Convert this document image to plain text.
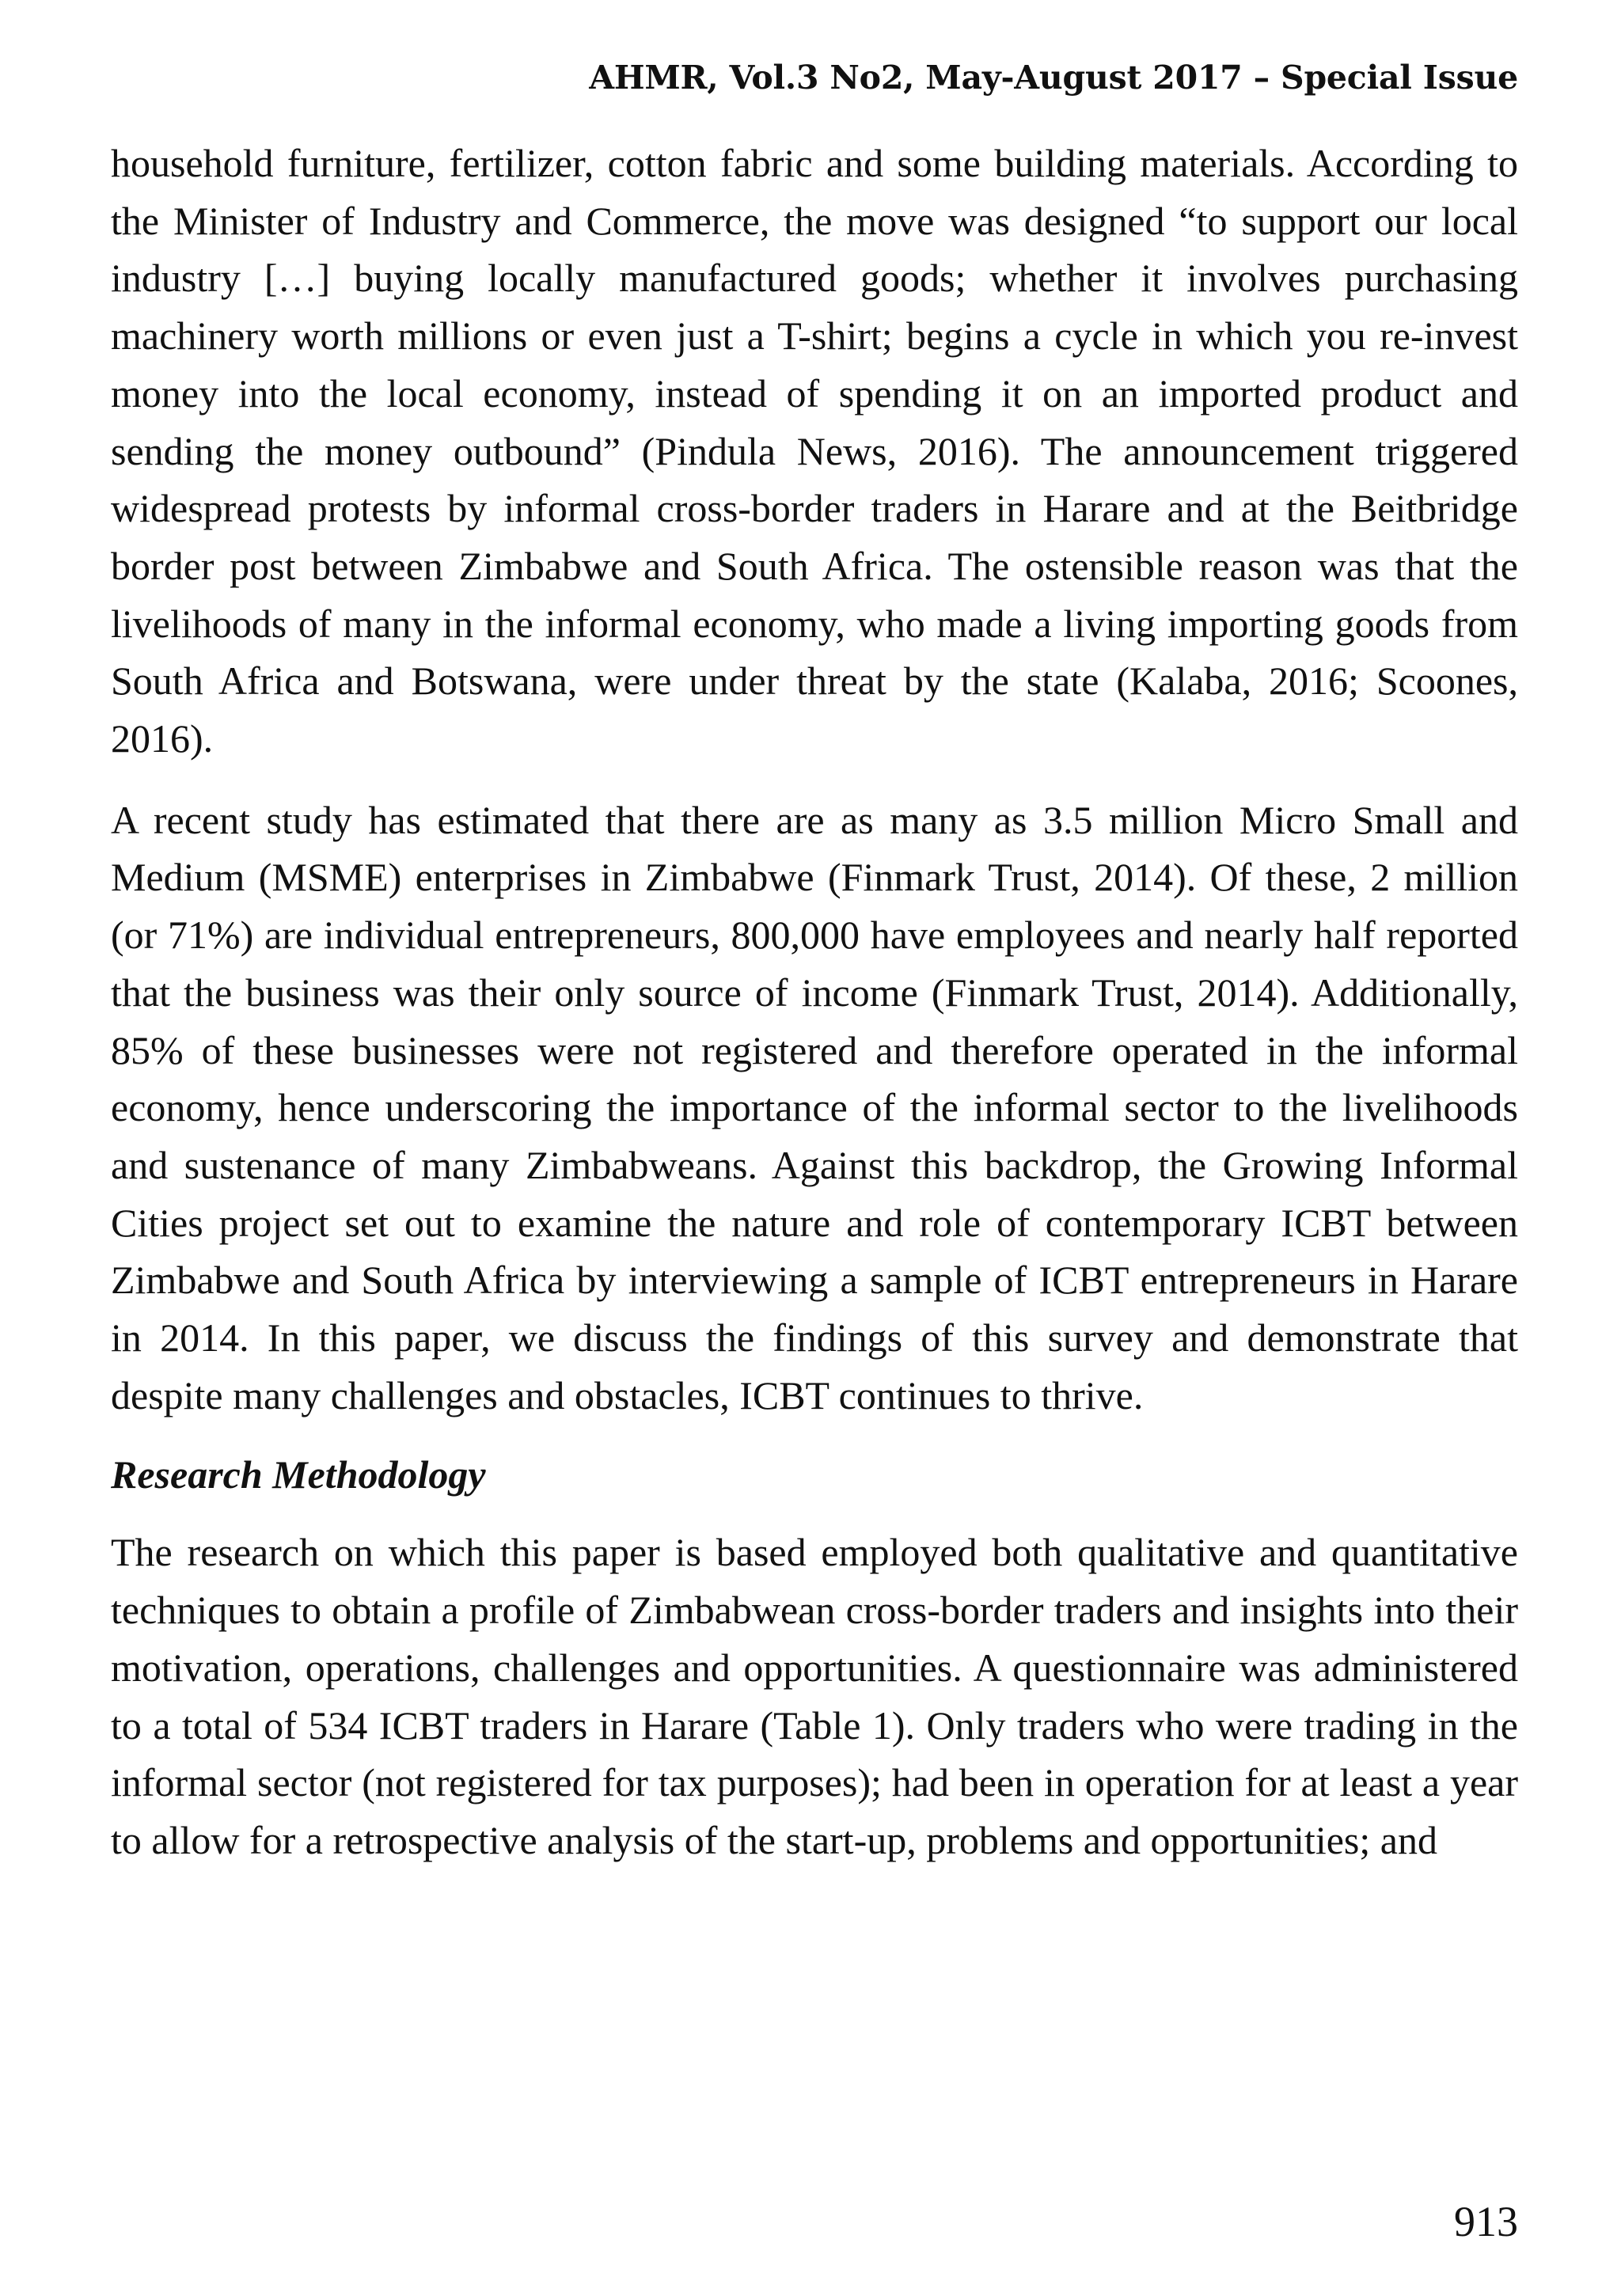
AHMR, Vol.3 No2, May-August 2017 – Special Issue

household furniture, fertilizer, cotton fabric and some building materials. According to the Minister of Industry and Commerce, the move was designed “to support our local industry […] buying locally manufactured goods; whether it involves purchasing machinery worth millions or even just a T-shirt; begins a cycle in which you re-invest money into the local economy, instead of spending it on an imported product and sending the money outbound” (Pindula News, 2016). The announcement triggered widespread protests by informal cross-border traders in Harare and at the Beitbridge border post between Zimbabwe and South Africa. The ostensible reason was that the livelihoods of many in the informal economy, who made a living importing goods from South Africa and Botswana, were under threat by the state (Kalaba, 2016; Scoones, 2016).

A recent study has estimated that there are as many as 3.5 million Micro Small and Medium (MSME) enterprises in Zimbabwe (Finmark Trust, 2014). Of these, 2 million (or 71%) are individual entrepreneurs, 800,000 have employees and nearly half reported that the business was their only source of income (Finmark Trust, 2014). Additionally, 85% of these businesses were not registered and therefore operated in the informal economy, hence underscoring the importance of the informal sector to the livelihoods and sustenance of many Zimbabweans. Against this backdrop, the Growing Informal Cities project set out to examine the nature and role of contemporary ICBT between Zimbabwe and South Africa by interviewing a sample of ICBT entrepreneurs in Harare in 2014. In this paper, we discuss the findings of this survey and demonstrate that despite many challenges and obstacles, ICBT continues to thrive.

Research Methodology

The research on which this paper is based employed both qualitative and quantitative techniques to obtain a profile of Zimbabwean cross-border traders and insights into their motivation, operations, challenges and opportunities. A questionnaire was administered to a total of 534 ICBT traders in Harare (Table 1). Only traders who were trading in the informal sector (not registered for tax purposes); had been in operation for at least a year to allow for a retrospective analysis of the start-up, problems and opportunities; and

913
